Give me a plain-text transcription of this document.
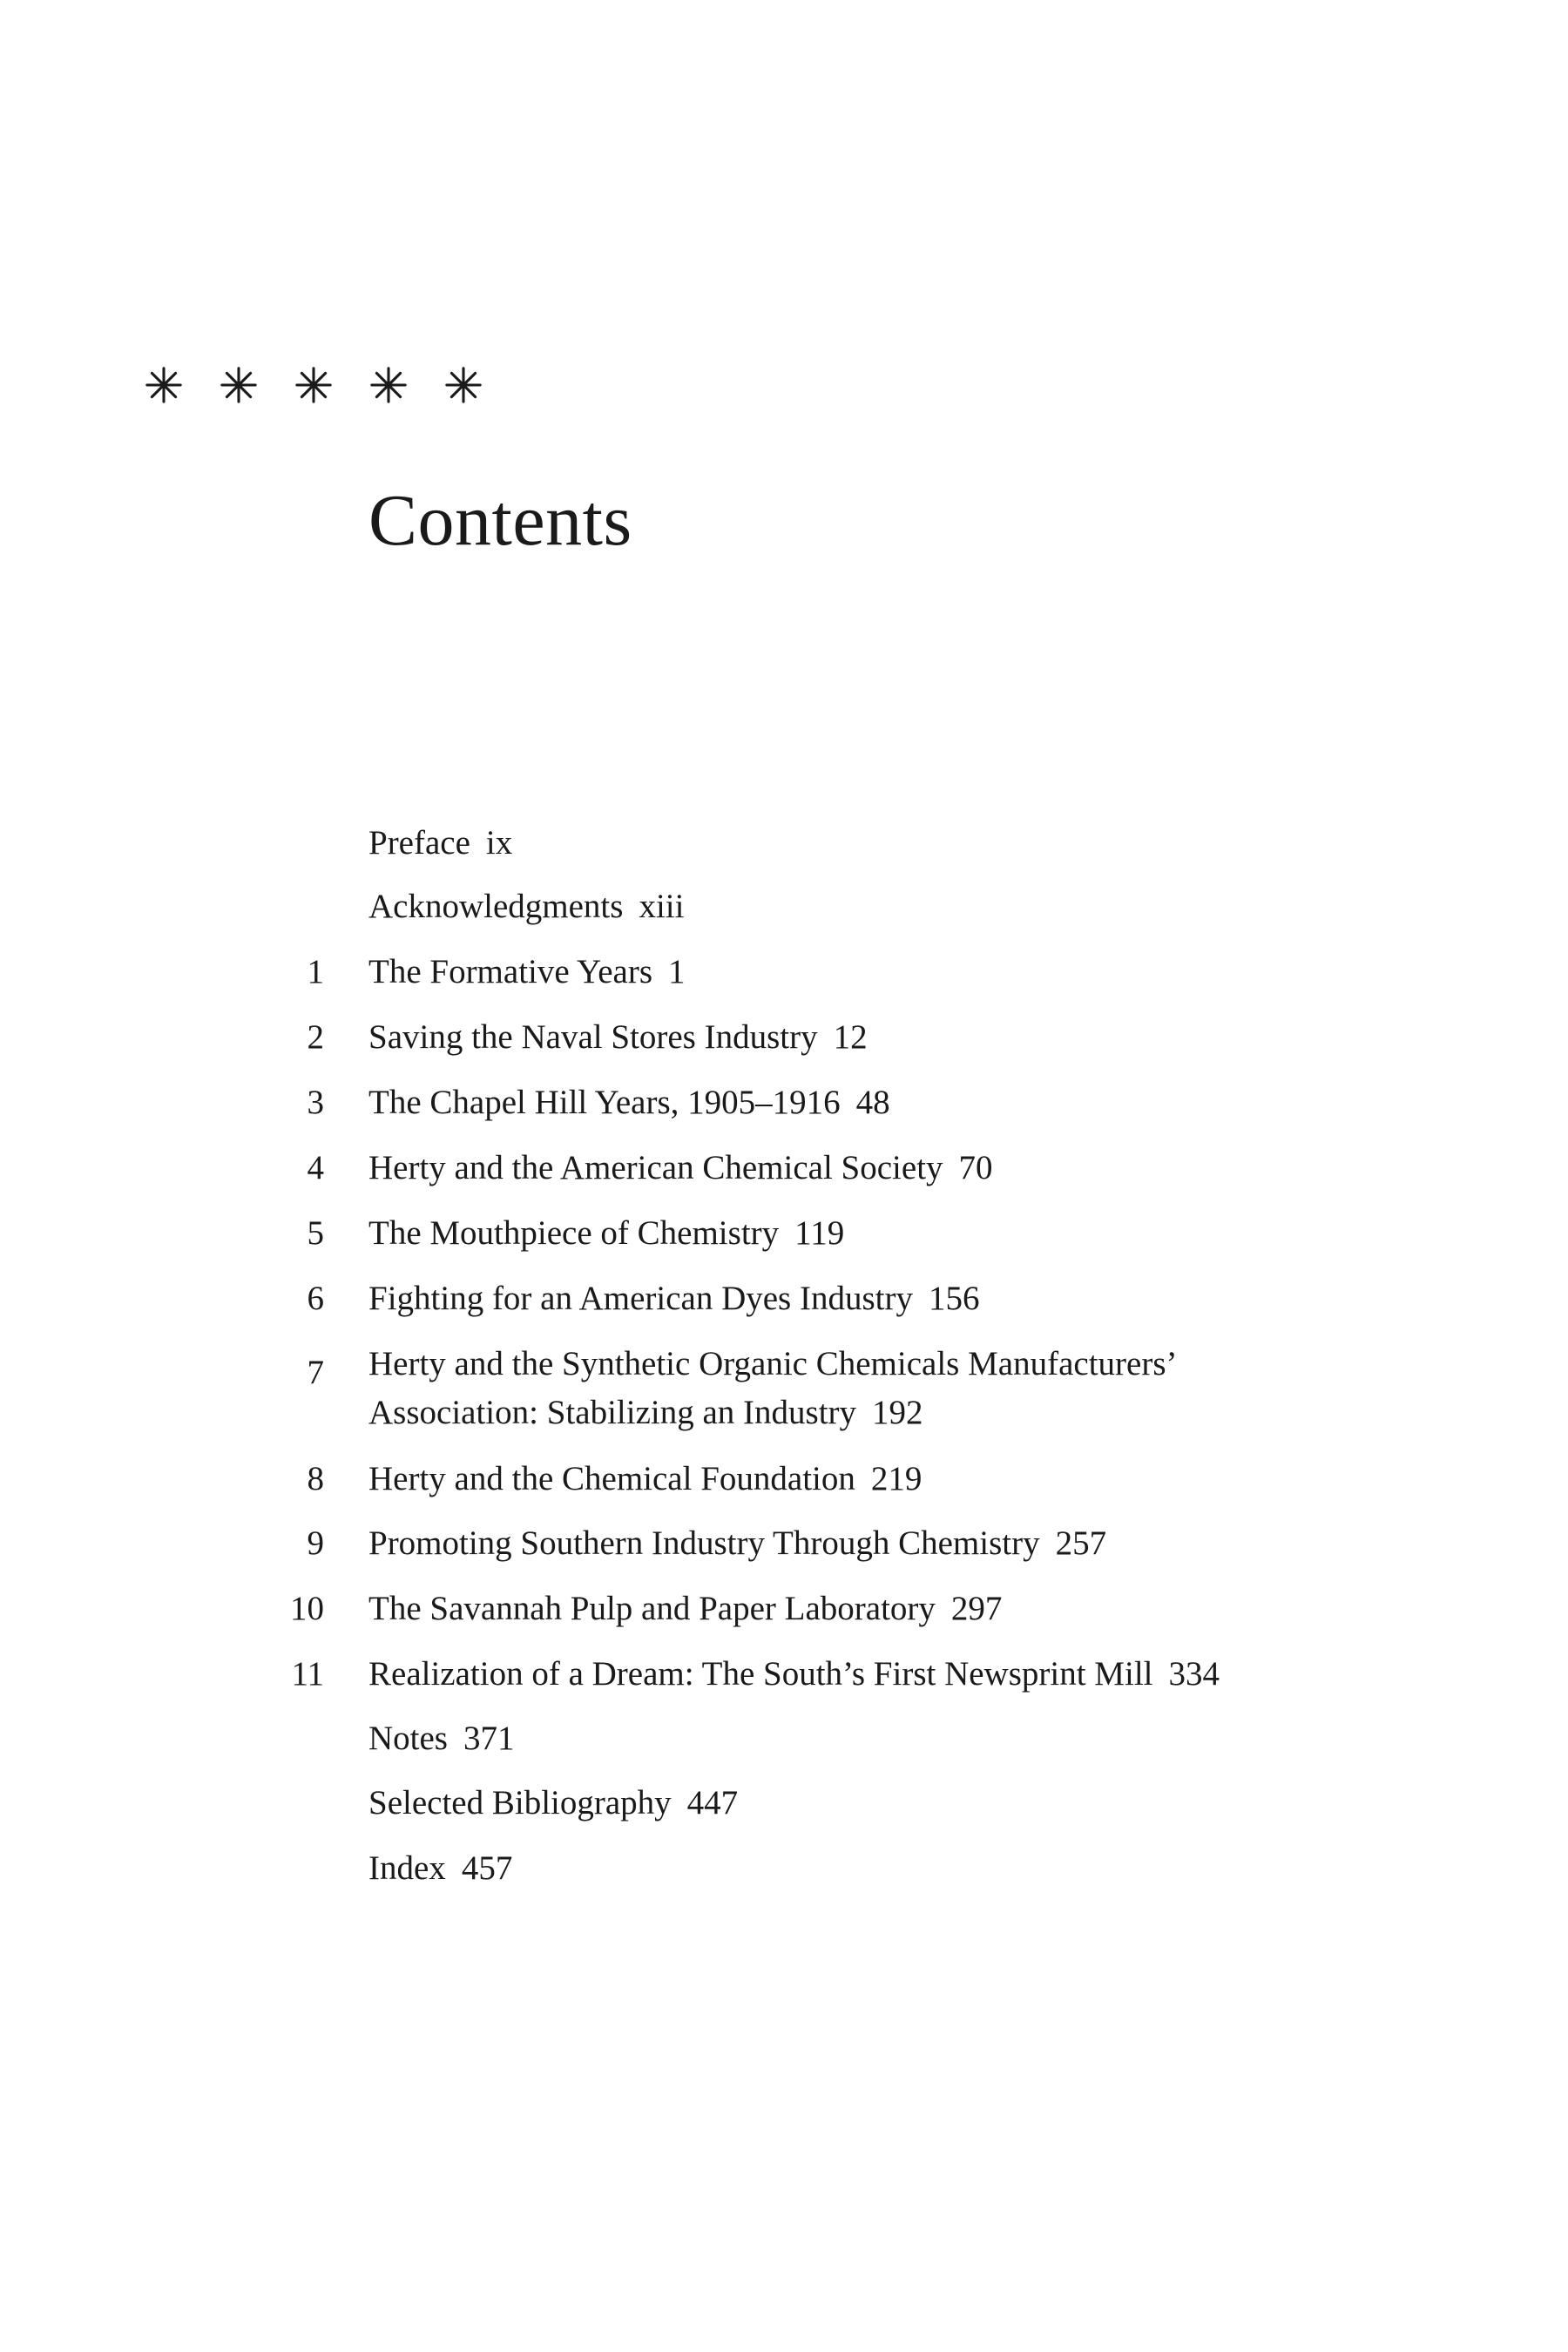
Contents
Preface ix
Acknowledgments xiii
1	The Formative Years 1
2	Saving the Naval Stores Industry 12
3	The Chapel Hill Years, 1905–1916 48
4	Herty and the American Chemical Society 70
5	The Mouthpiece of Chemistry 119
6	Fighting for an American Dyes Industry 156
7	Herty and the Synthetic Organic Chemicals Manufacturers’
Association: Stabilizing an Industry 192
8	Herty and the Chemical Foundation 219
9	Promoting Southern Industry Through Chemistry 257
10	The Savannah Pulp and Paper Laboratory 297
11	Realization of a Dream: The South’s First Newsprint Mill 334
Notes 371
Selected Bibliography 447
Index 457
